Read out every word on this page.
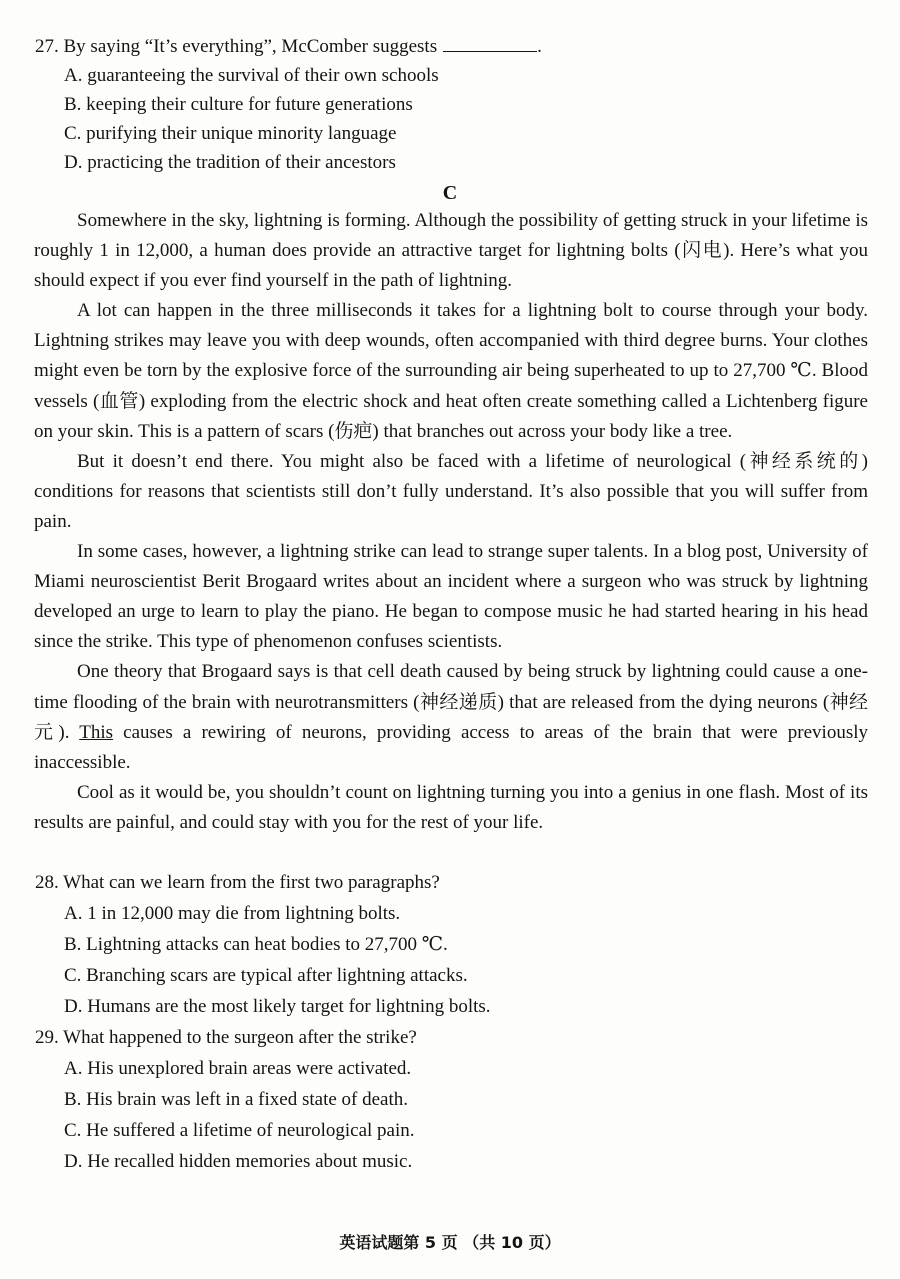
27. By saying “It’s everything”, McComber suggests	.
A. guaranteeing the survival of their own schools
B. keeping their culture for future generations
C. purifying their unique minority language
D. practicing the tradition of their ancestors
C

Somewhere in the sky, lightning is forming. Although the possibility of getting struck in your lifetime is roughly 1 in 12,000, a human does provide an attractive target for lightning bolts (闪电). Here’s what you should expect if you ever find yourself in the path of lightning.

A lot can happen in the three milliseconds it takes for a lightning bolt to course through your body. Lightning strikes may leave you with deep wounds, often accompanied with third degree burns. Your clothes might even be torn by the explosive force of the surrounding air being superheated to up to 27,700 ℃. Blood vessels (血管) exploding from the electric shock and heat often create something called a Lichtenberg figure on your skin. This is a pattern of scars (伤疤) that branches out across your body like a tree.

But it doesn’t end there. You might also be faced with a lifetime of neurological (神经系统的) conditions for reasons that scientists still don’t fully understand. It’s also possible that you will suffer from pain.

In some cases, however, a lightning strike can lead to strange super talents. In a blog post, University of Miami neuroscientist Berit Brogaard writes about an incident where a surgeon who was struck by lightning developed an urge to learn to play the piano. He began to compose music he had started hearing in his head since the strike. This type of phenomenon confuses scientists.

One theory that Brogaard says is that cell death caused by being struck by lightning could cause a one-time flooding of the brain with neurotransmitters (神经递质) that are released from the dying neurons (神经元). This causes a rewiring of neurons, providing access to areas of the brain that were previously inaccessible.

Cool as it would be, you shouldn’t count on lightning turning you into a genius in one flash. Most of its results are painful, and could stay with you for the rest of your life.

28. What can we learn from the first two paragraphs?
A. 1 in 12,000 may die from lightning bolts.
B. Lightning attacks can heat bodies to 27,700 ℃.
C. Branching scars are typical after lightning attacks.
D. Humans are the most likely target for lightning bolts.
29. What happened to the surgeon after the strike?
A. His unexplored brain areas were activated.
B. His brain was left in a fixed state of death.
C. He suffered a lifetime of neurological pain.
D. He recalled hidden memories about music.
英语试题第 5 页 （共 10 页）
